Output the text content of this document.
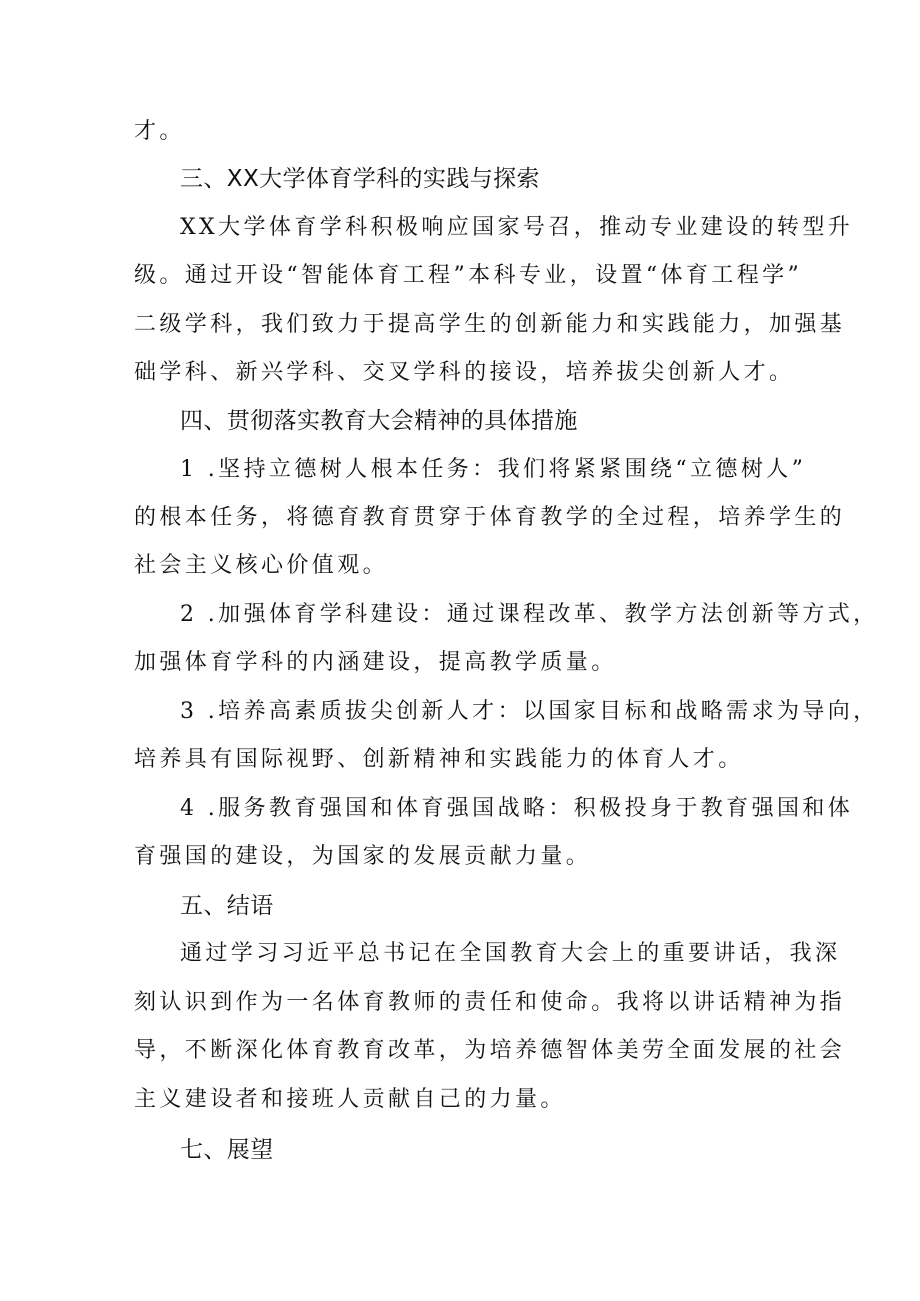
才。
三、XX大学体育学科的实践与探索
XX大学体育学科积极响应国家号召，推动专业建设的转型升
级。通过开设“智能体育工程”本科专业，设置“体育工程学”
二级学科，我们致力于提高学生的创新能力和实践能力，加强基
础学科、新兴学科、交叉学科的接设，培养拔尖创新人才。
四、贯彻落实教育大会精神的具体措施
1 .坚持立德树人根本任务：我们将紧紧围绕“立德树人”
的根本任务，将德育教育贯穿于体育教学的全过程，培养学生的
社会主义核心价值观。
2 .加强体育学科建设：通过课程改革、教学方法创新等方式，
加强体育学科的内涵建设，提高教学质量。
3 .培养高素质拔尖创新人才：以国家目标和战略需求为导向，
培养具有国际视野、创新精神和实践能力的体育人才。
4 .服务教育强国和体育强国战略：积极投身于教育强国和体
育强国的建设，为国家的发展贡献力量。
五、结语
通过学习习近平总书记在全国教育大会上的重要讲话，我深
刻认识到作为一名体育教师的责任和使命。我将以讲话精神为指
导，不断深化体育教育改革，为培养德智体美劳全面发展的社会
主义建设者和接班人贡献自己的力量。
七、展望
